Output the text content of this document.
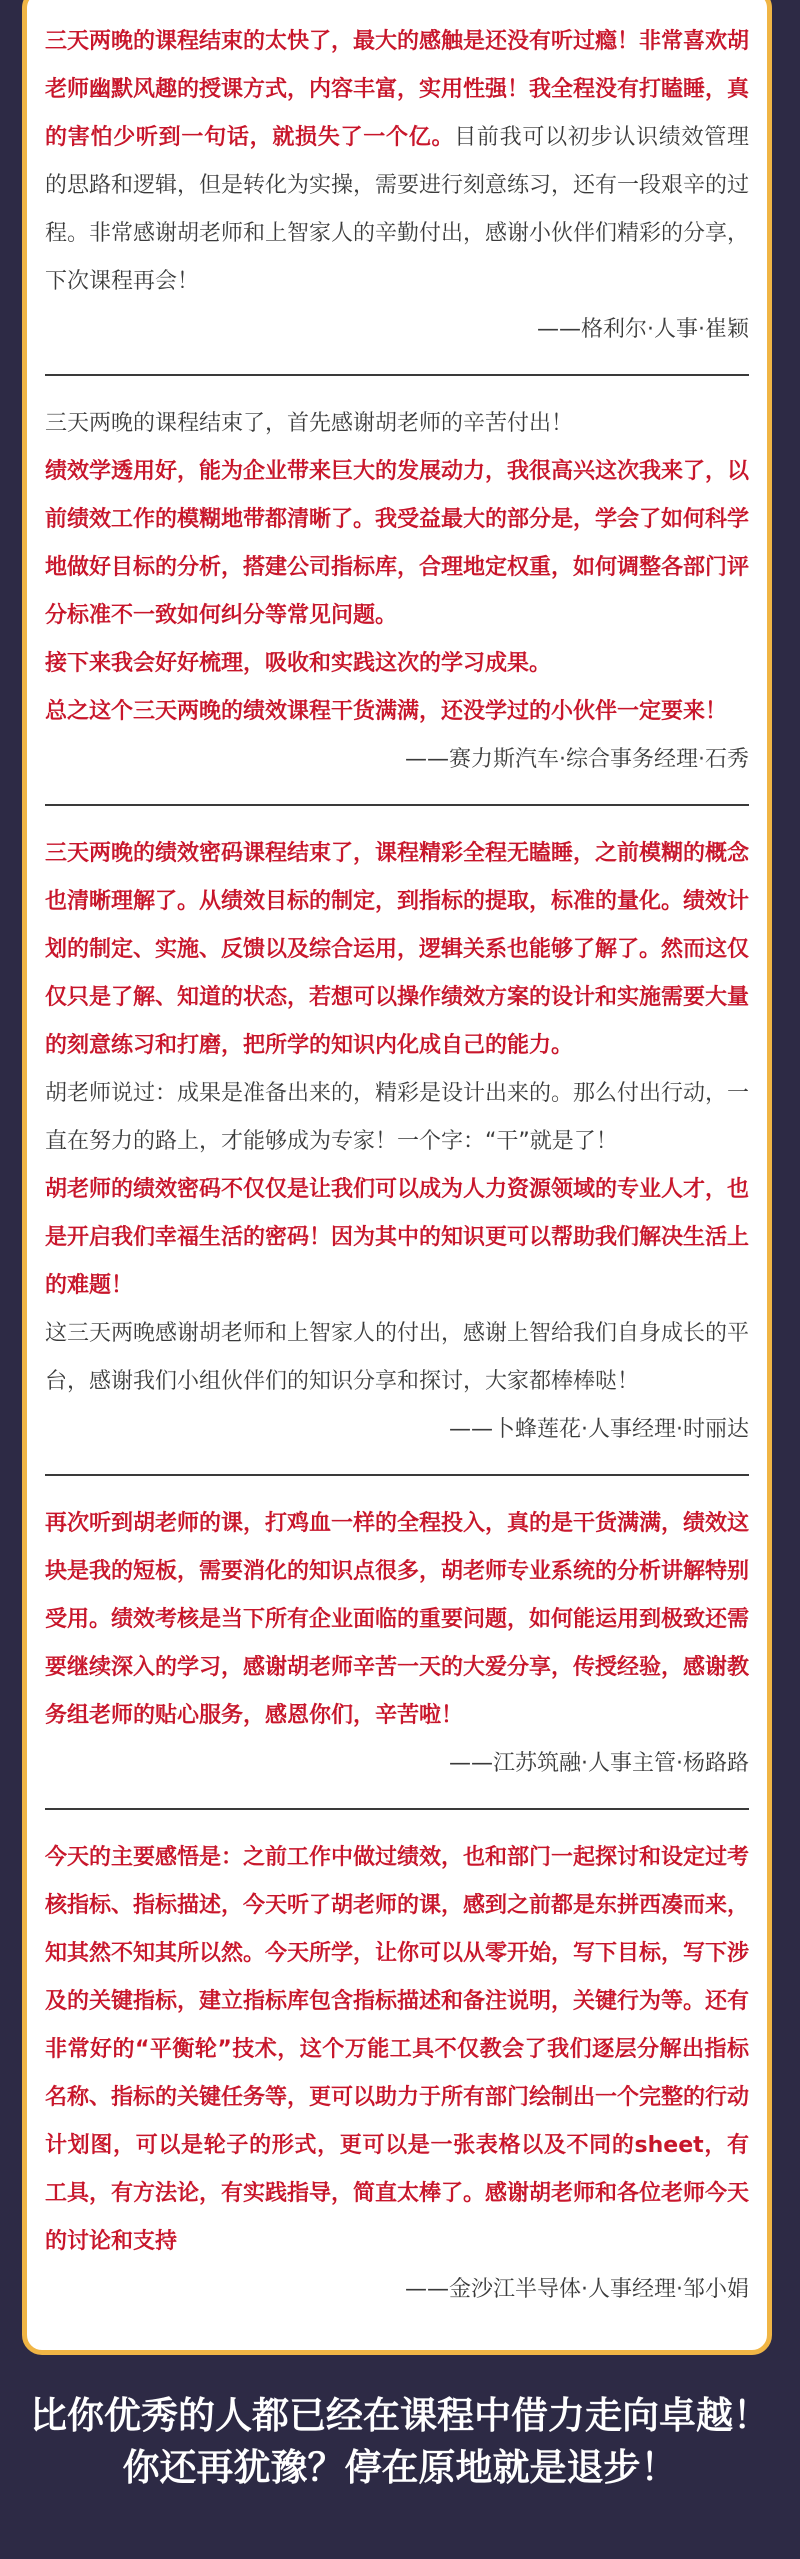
三天两晚的课程结束的太快了，最大的感触是还没有听过瘾！非常喜欢胡老师幽默风趣的授课方式，内容丰富，实用性强！我全程没有打瞌睡，真的害怕少听到一句话，就损失了一个亿。目前我可以初步认识绩效管理的思路和逻辑，但是转化为实操，需要进行刻意练习，还有一段艰辛的过程。非常感谢胡老师和上智家人的辛勤付出，感谢小伙伴们精彩的分享，下次课程再会！

——格利尔·人事·崔颖

三天两晚的课程结束了，首先感谢胡老师的辛苦付出！

绩效学透用好，能为企业带来巨大的发展动力，我很高兴这次我来了，以前绩效工作的模糊地带都清晰了。我受益最大的部分是，学会了如何科学地做好目标的分析，搭建公司指标库，合理地定权重，如何调整各部门评分标准不一致如何纠分等常见问题。

接下来我会好好梳理，吸收和实践这次的学习成果。

总之这个三天两晚的绩效课程干货满满，还没学过的小伙伴一定要来！

——赛力斯汽车·综合事务经理·石秀

三天两晚的绩效密码课程结束了，课程精彩全程无瞌睡，之前模糊的概念也清晰理解了。从绩效目标的制定，到指标的提取，标准的量化。绩效计划的制定、实施、反馈以及综合运用，逻辑关系也能够了解了。然而这仅仅只是了解、知道的状态，若想可以操作绩效方案的设计和实施需要大量的刻意练习和打磨，把所学的知识内化成自己的能力。

胡老师说过：成果是准备出来的，精彩是设计出来的。那么付出行动，一直在努力的路上，才能够成为专家！一个字：“干”就是了！

胡老师的绩效密码不仅仅是让我们可以成为人力资源领域的专业人才，也是开启我们幸福生活的密码！因为其中的知识更可以帮助我们解决生活上的难题！

这三天两晚感谢胡老师和上智家人的付出，感谢上智给我们自身成长的平台，感谢我们小组伙伴们的知识分享和探讨，大家都棒棒哒！

——卜蜂莲花·人事经理·时丽达

再次听到胡老师的课，打鸡血一样的全程投入，真的是干货满满，绩效这块是我的短板，需要消化的知识点很多，胡老师专业系统的分析讲解特别受用。绩效考核是当下所有企业面临的重要问题，如何能运用到极致还需要继续深入的学习，感谢胡老师辛苦一天的大爱分享，传授经验，感谢教务组老师的贴心服务，感恩你们，辛苦啦！

——江苏筑融·人事主管·杨路路

今天的主要感悟是：之前工作中做过绩效，也和部门一起探讨和设定过考核指标、指标描述，今天听了胡老师的课，感到之前都是东拼西凑而来，知其然不知其所以然。今天所学，让你可以从零开始，写下目标，写下涉及的关键指标，建立指标库包含指标描述和备注说明，关键行为等。还有非常好的“平衡轮”技术，这个万能工具不仅教会了我们逐层分解出指标名称、指标的关键任务等，更可以助力于所有部门绘制出一个完整的行动计划图，可以是轮子的形式，更可以是一张表格以及不同的sheet，有工具，有方法论，有实践指导，简直太棒了。感谢胡老师和各位老师今天的讨论和支持

——金沙江半导体·人事经理·邹小娟

比你优秀的人都已经在课程中借力走向卓越！
你还再犹豫？停在原地就是退步！
